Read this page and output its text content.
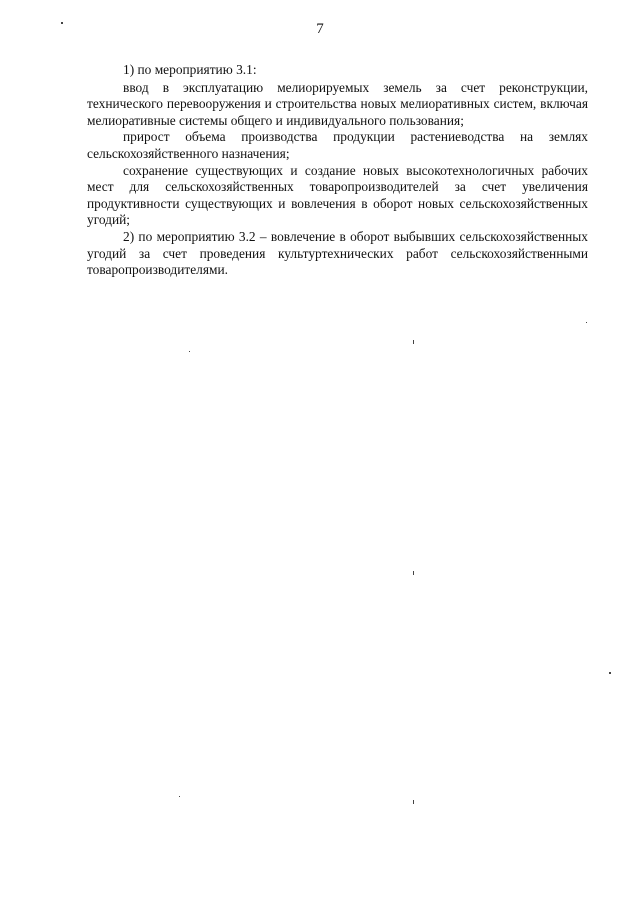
7

1) по мероприятию 3.1:

ввод в эксплуатацию мелиорируемых земель за счет реконструкции, технического перевооружения и строительства новых мелиоративных систем, включая мелиоративные системы общего и индивидуального пользования;

прирост объема производства продукции растениеводства на землях сельскохозяйственного назначения;

сохранение существующих и создание новых высокотехнологичных рабочих мест для сельскохозяйственных товаропроизводителей за счет увеличения продуктивности существующих и вовлечения в оборот новых сельскохозяйственных угодий;

2) по мероприятию 3.2 – вовлечение в оборот выбывших сельскохозяйственных угодий за счет проведения культуртехнических работ сельскохозяйственными товаропроизводителями.
